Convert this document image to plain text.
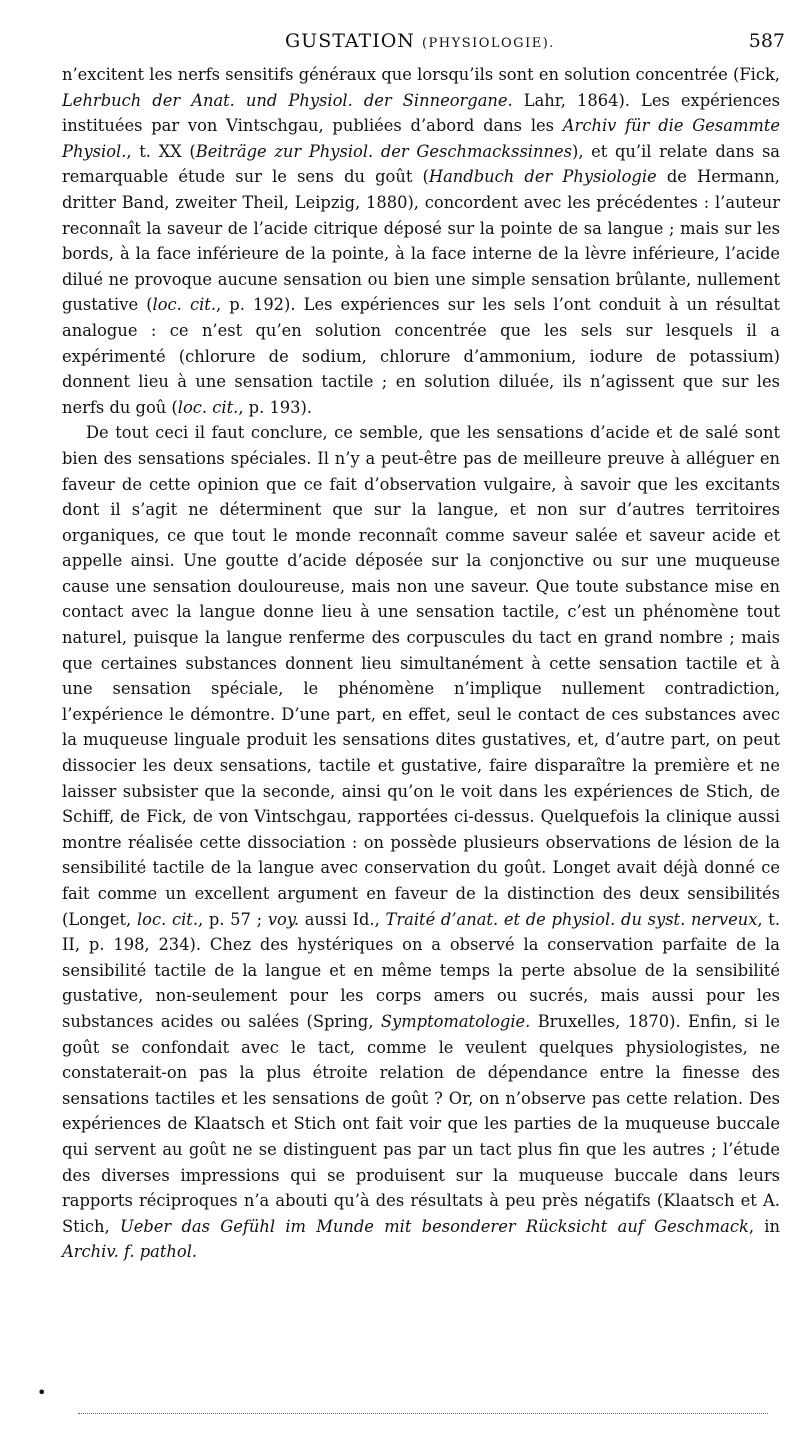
GUSTATION (PHYSIOLOGIE).	587

n’excitent les nerfs sensitifs généraux que lorsqu’ils sont en solution concentrée (Fick, Lehrbuch der Anat. und Physiol. der Sinneorgane. Lahr, 1864). Les expériences instituées par von Vintschgau, publiées d’abord dans les Archiv für die Gesammte Physiol., t. XX (Beiträge zur Physiol. der Geschmackssinnes), et qu’il relate dans sa remarquable étude sur le sens du goût (Handbuch der Physiologie de Hermann, dritter Band, zweiter Theil, Leipzig, 1880), concordent avec les précédentes : l’auteur reconnaît la saveur de l’acide citrique déposé sur la pointe de sa langue ; mais sur les bords, à la face inférieure de la pointe, à la face interne de la lèvre inférieure, l’acide dilué ne provoque aucune sensation ou bien une simple sensation brûlante, nullement gustative (loc. cit., p. 192). Les expériences sur les sels l’ont conduit à un résultat analogue : ce n’est qu’en solution concentrée que les sels sur lesquels il a expérimenté (chlorure de sodium, chlorure d’ammonium, iodure de potassium) donnent lieu à une sensation tactile ; en solution diluée, ils n’agissent que sur les nerfs du goû (loc. cit., p. 193).

De tout ceci il faut conclure, ce semble, que les sensations d’acide et de salé sont bien des sensations spéciales. Il n’y a peut-être pas de meilleure preuve à alléguer en faveur de cette opinion que ce fait d’observation vulgaire, à savoir que les excitants dont il s’agit ne déterminent que sur la langue, et non sur d’autres territoires organiques, ce que tout le monde reconnaît comme saveur salée et saveur acide et appelle ainsi. Une goutte d’acide déposée sur la conjonctive ou sur une muqueuse cause une sensation douloureuse, mais non une saveur. Que toute substance mise en contact avec la langue donne lieu à une sensation tactile, c’est un phénomène tout naturel, puisque la langue renferme des corpuscules du tact en grand nombre ; mais que certaines substances donnent lieu simultanément à cette sensation tactile et à une sensation spéciale, le phénomène n’implique nullement contradiction, l’expérience le démontre. D’une part, en effet, seul le contact de ces substances avec la muqueuse linguale produit les sensations dites gustatives, et, d’autre part, on peut dissocier les deux sensations, tactile et gustative, faire disparaître la première et ne laisser subsister que la seconde, ainsi qu’on le voit dans les expériences de Stich, de Schiff, de Fick, de von Vintschgau, rapportées ci-dessus. Quelquefois la clinique aussi montre réalisée cette dissociation : on possède plusieurs observations de lésion de la sensibilité tactile de la langue avec conservation du goût. Longet avait déjà donné ce fait comme un excellent argument en faveur de la distinction des deux sensibilités (Longet, loc. cit., p. 57 ; voy. aussi Id., Traité d’anat. et de physiol. du syst. nerveux, t. II, p. 198, 234). Chez des hystériques on a observé la conservation parfaite de la sensibilité tactile de la langue et en même temps la perte absolue de la sensibilité gustative, non-seulement pour les corps amers ou sucrés, mais aussi pour les substances acides ou salées (Spring, Symptomatologie. Bruxelles, 1870). Enfin, si le goût se confondait avec le tact, comme le veulent quelques physiologistes, ne constaterait-on pas la plus étroite relation de dépendance entre la finesse des sensations tactiles et les sensations de goût ? Or, on n’observe pas cette relation. Des expériences de Klaatsch et Stich ont fait voir que les parties de la muqueuse buccale qui servent au goût ne se distinguent pas par un tact plus fin que les autres ; l’étude des diverses impressions qui se produisent sur la muqueuse buccale dans leurs rapports réciproques n’a abouti qu’à des résultats à peu près négatifs (Klaatsch et A. Stich, Ueber das Gefühl im Munde mit besonderer Rücksicht auf Geschmack, in Archiv. f. pathol.

•
